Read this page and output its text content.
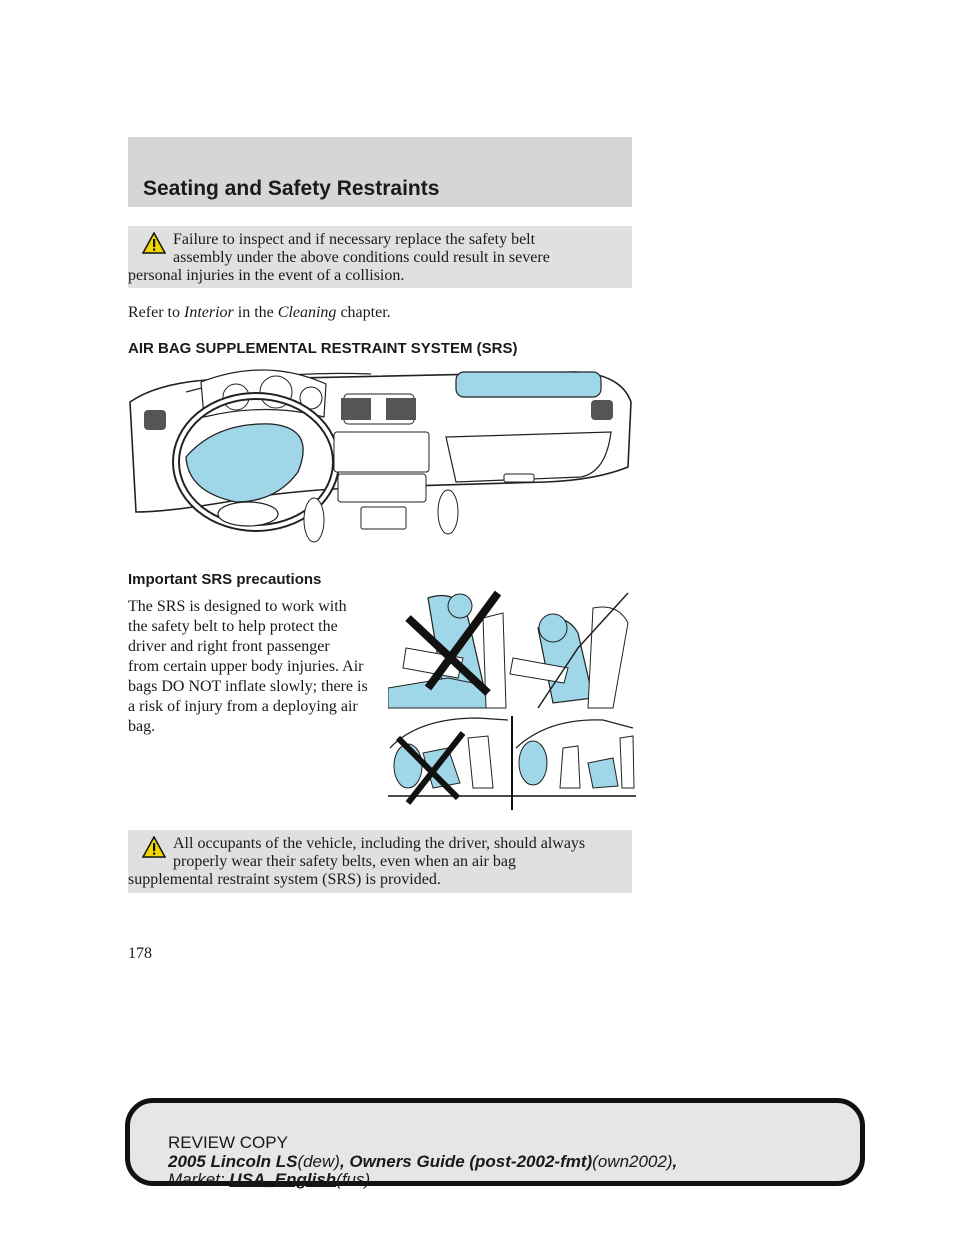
Seating and Safety Restraints
Failure to inspect and if necessary replace the safety belt
assembly under the above conditions could result in severe
personal injuries in the event of a collision.
Refer to Interior in the Cleaning chapter.
AIR BAG SUPPLEMENTAL RESTRAINT SYSTEM (SRS)
Important SRS precautions
The SRS is designed to work with
the safety belt to help protect the
driver and right front passenger
from certain upper body injuries. Air
bags DO NOT inflate slowly; there is
a risk of injury from a deploying air
bag.
All occupants of the vehicle, including the driver, should always
properly wear their safety belts, even when an air bag
supplemental restraint system (SRS) is provided.
178
REVIEW COPY
2005 Lincoln LS(dew), Owners Guide (post-2002-fmt)(own2002),
Market: USA_English(fus)
